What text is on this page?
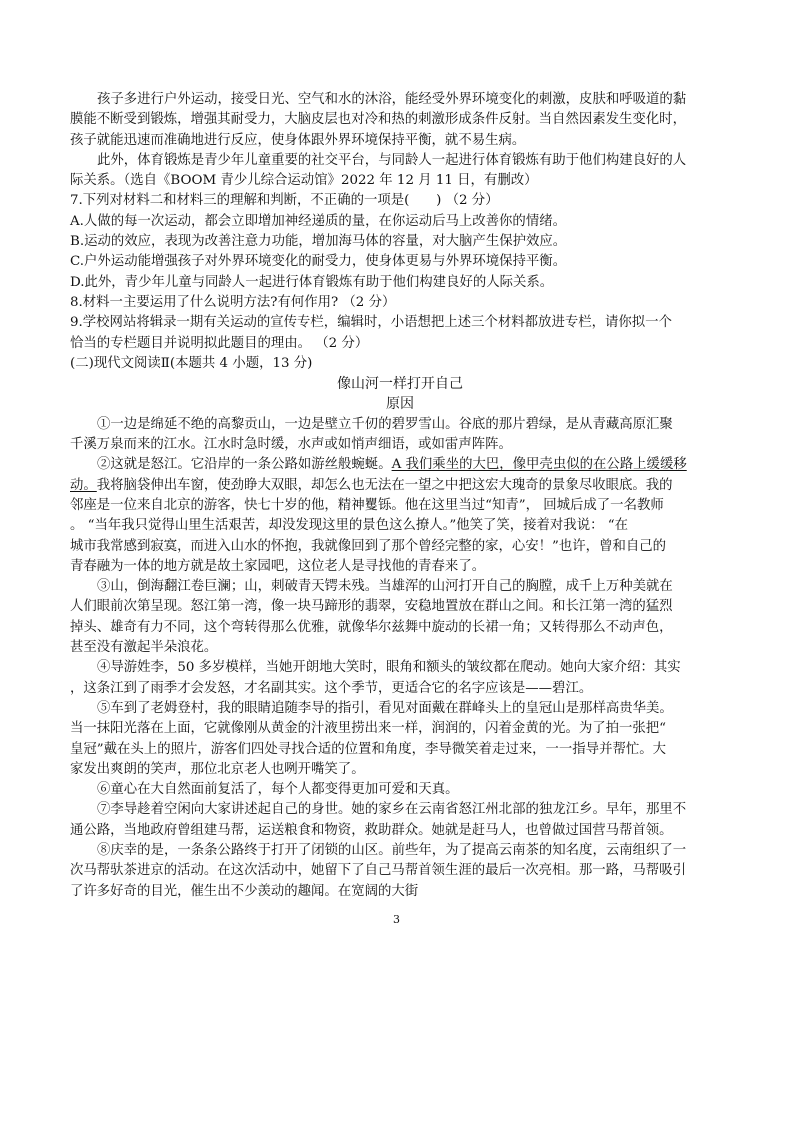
孩子多进行户外运动，接受日光、空气和水的沐浴，能经受外界环境变化的刺激，皮肤和呼吸道的黏
膜能不断受到锻炼，增强其耐受力，大脑皮层也对冷和热的刺激形成条件反射。当自然因素发生变化时，
孩子就能迅速而准确地进行反应，使身体跟外界环境保持平衡，就不易生病。
此外，体育锻炼是青少年儿童重要的社交平台，与同龄人一起进行体育锻炼有助于他们构建良好的人
际关系。（选自《BOOM 青少儿综合运动馆》2022 年 12 月 11 日，有删改）
7.下列对材料二和材料三的理解和判断，不正确的一项是(　　) （2 分）
A.人做的每一次运动，都会立即增加神经递质的量，在你运动后马上改善你的情绪。
B.运动的效应，表现为改善注意力功能，增加海马体的容量，对大脑产生保护效应。
C.户外运动能增强孩子对外界环境变化的耐受力，使身体更易与外界环境保持平衡。
D.此外，青少年儿童与同龄人一起进行体育锻炼有助于他们构建良好的人际关系。
8.材料一主要运用了什么说明方法?有何作用? （2 分）
9.学校网站将辑录一期有关运动的宣传专栏，编辑时，小语想把上述三个材料都放进专栏，请你拟一个
恰当的专栏题目并说明拟此题目的理由。 （2 分）
(二)现代文阅读Ⅱ(本题共 4 小题，13 分)
像山河一样打开自己
原因
①一边是绵延不绝的高黎贡山，一边是壁立千仞的碧罗雪山。谷底的那片碧绿，是从青藏高原汇聚
千溪万泉而来的江水。江水时急时缓，水声或如悄声细语，或如雷声阵阵。
②这就是怒江。它沿岸的一条公路如游丝般蜿蜒。A 我们乘坐的大巴，像甲壳虫似的在公路上缓缓移
动。我将脑袋伸出车窗，使劲睁大双眼，却怎么也无法在一望之中把这宏大瑰奇的景象尽收眼底。我的
邻座是一位来自北京的游客，快七十岁的他，精神矍铄。他在这里当过“知青”， 回城后成了一名教师
。 “当年我只觉得山里生活艰苦，却没发现这里的景色这么撩人。”他笑了笑，接着对我说： “在
城市我常感到寂寞，而进入山水的怀抱，我就像回到了那个曾经完整的家，心安！”也许，曾和自己的
青春融为一体的地方就是故土家园吧，这位老人是寻找他的青春来了。
③山，倒海翻江卷巨澜；山，刺破青天锷未残。当雄浑的山河打开自己的胸膛，成千上万种美就在
人们眼前次第呈现。怒江第一湾，像一块马蹄形的翡翠，安稳地置放在群山之间。和长江第一湾的猛烈
掉头、雄奇有力不同，这个弯转得那么优雅，就像华尔兹舞中旋动的长裙一角；又转得那么不动声色，
甚至没有激起半朵浪花。
④导游姓李，50 多岁模样，当她开朗地大笑时，眼角和额头的皱纹都在爬动。她向大家介绍：其实
，这条江到了雨季才会发怒，才名副其实。这个季节，更适合它的名字应该是——碧江。
⑤车到了老姆登村，我的眼睛追随李导的指引，看见对面戴在群峰头上的皇冠山是那样高贵华美。
当一抹阳光落在上面，它就像刚从黄金的汁液里捞出来一样，润润的，闪着金黄的光。为了拍一张把“
皇冠”戴在头上的照片，游客们四处寻找合适的位置和角度，李导微笑着走过来，一一指导并帮忙。大
家发出爽朗的笑声，那位北京老人也咧开嘴笑了。
⑥童心在大自然面前复活了，每个人都变得更加可爱和天真。
⑦李导趁着空闲向大家讲述起自己的身世。她的家乡在云南省怒江州北部的独龙江乡。早年，那里不
通公路，当地政府曾组建马帮，运送粮食和物资，救助群众。她就是赶马人，也曾做过国营马帮首领。
⑧庆幸的是，一条条公路终于打开了闭锁的山区。前些年，为了提高云南茶的知名度，云南组织了一
次马帮驮茶进京的活动。在这次活动中，她留下了自己马帮首领生涯的最后一次亮相。那一路，马帮吸引
了许多好奇的目光，催生出不少羡动的趣闻。在宽阔的大街
3
